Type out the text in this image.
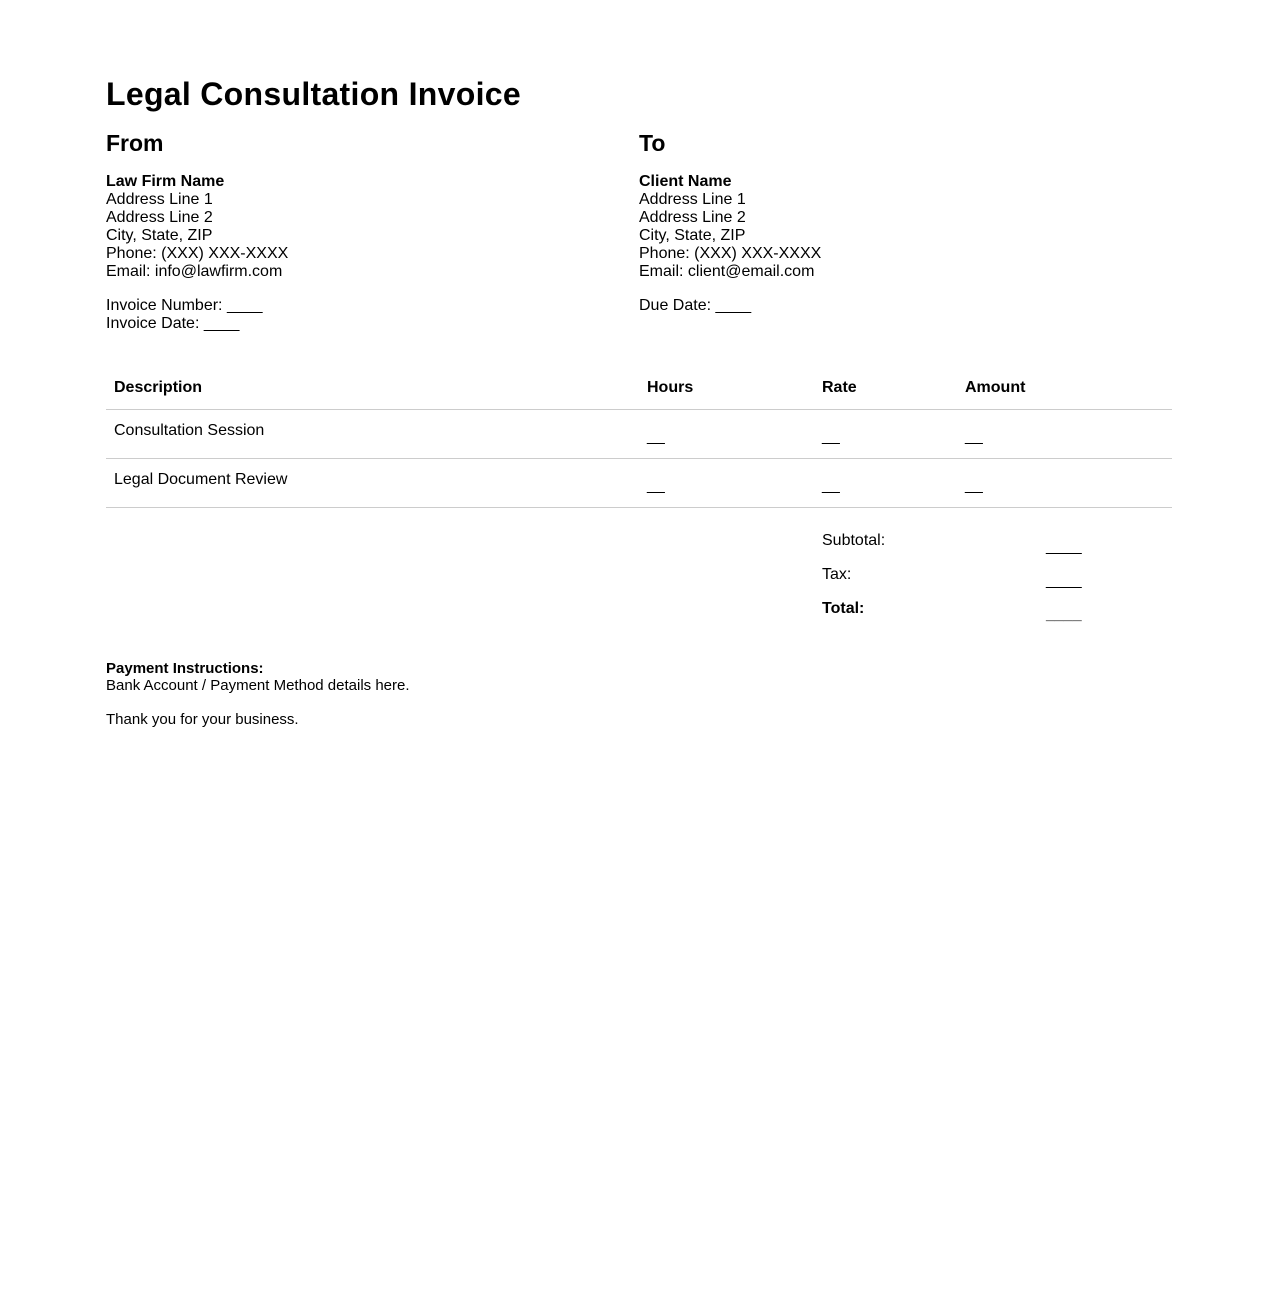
Legal Consultation Invoice
From
Law Firm Name
Address Line 1
Address Line 2
City, State, ZIP
Phone: (XXX) XXX-XXXX
Email: info@lawfirm.com
Invoice Number: ____
Invoice Date: ____
To
Client Name
Address Line 1
Address Line 2
City, State, ZIP
Phone: (XXX) XXX-XXXX
Email: client@email.com
Due Date: ____
Description	Hours	Rate	Amount
Consultation Session	__	__	__
Legal Document Review	__	__	__
Subtotal:	____
Tax:	____
Total:	____
Payment Instructions:
Bank Account / Payment Method details here.
Thank you for your business.
